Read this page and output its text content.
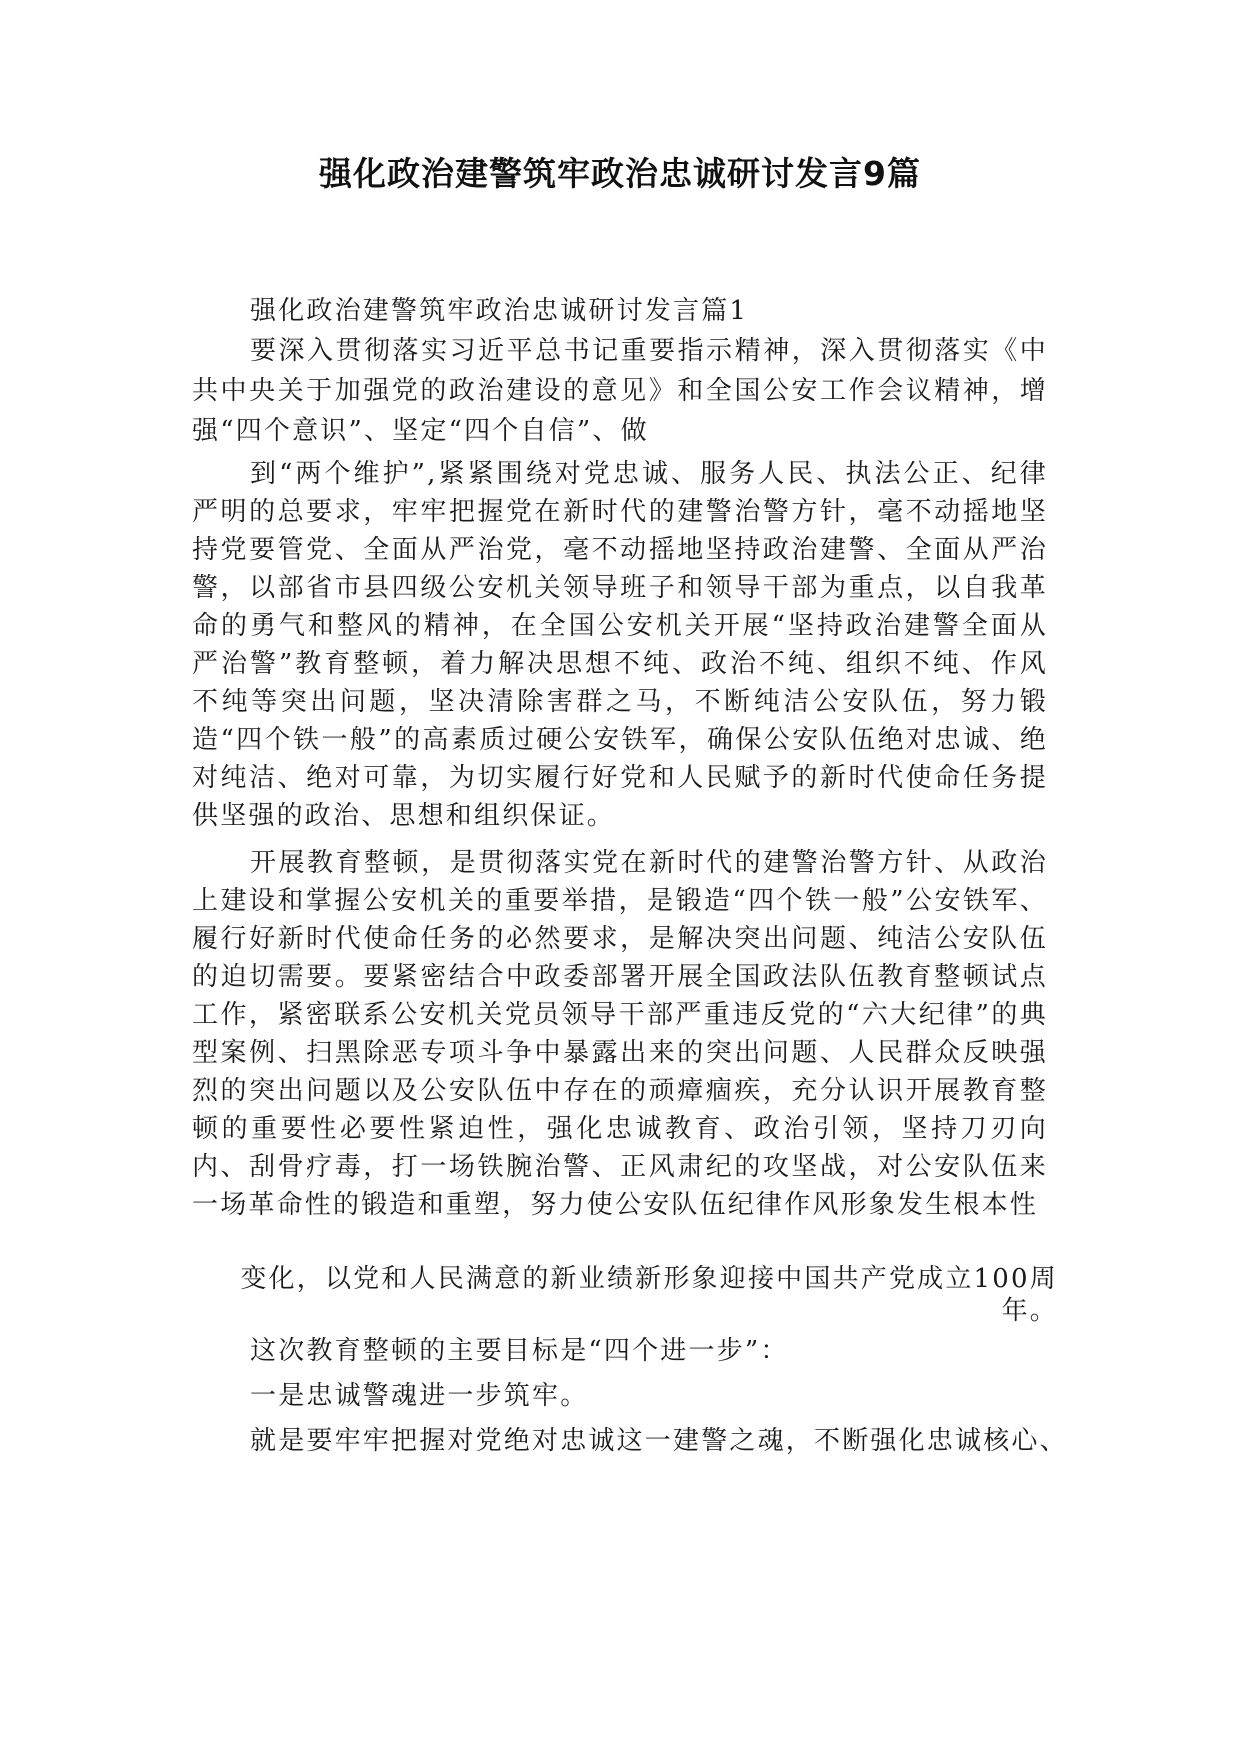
强化政治建警筑牢政治忠诚研讨发言9篇

强化政治建警筑牢政治忠诚研讨发言篇1

要深入贯彻落实习近平总书记重要指示精神，深入贯彻落实《中共中央关于加强党的政治建设的意见》和全国公安工作会议精神，增强“四个意识”、坚定“四个自信”、做

到“两个维护”,紧紧围绕对党忠诚、服务人民、执法公正、纪律严明的总要求，牢牢把握党在新时代的建警治警方针，毫不动摇地坚持党要管党、全面从严治党，毫不动摇地坚持政治建警、全面从严治警，以部省市县四级公安机关领导班子和领导干部为重点，以自我革命的勇气和整风的精神，在全国公安机关开展“坚持政治建警全面从严治警”教育整顿，着力解决思想不纯、政治不纯、组织不纯、作风不纯等突出问题，坚决清除害群之马，不断纯洁公安队伍，努力锻造“四个铁一般”的高素质过硬公安铁军，确保公安队伍绝对忠诚、绝对纯洁、绝对可靠，为切实履行好党和人民赋予的新时代使命任务提供坚强的政治、思想和组织保证。

开展教育整顿，是贯彻落实党在新时代的建警治警方针、从政治上建设和掌握公安机关的重要举措，是锻造“四个铁一般”公安铁军、履行好新时代使命任务的必然要求，是解决突出问题、纯洁公安队伍的迫切需要。要紧密结合中政委部署开展全国政法队伍教育整顿试点工作，紧密联系公安机关党员领导干部严重违反党的“六大纪律”的典型案例、扫黑除恶专项斗争中暴露出来的突出问题、人民群众反映强烈的突出问题以及公安队伍中存在的顽瘴痼疾，充分认识开展教育整顿的重要性必要性紧迫性，强化忠诚教育、政治引领，坚持刀刃向内、刮骨疗毒，打一场铁腕治警、正风肃纪的攻坚战，对公安队伍来一场革命性的锻造和重塑，努力使公安队伍纪律作风形象发生根本性

变化，以党和人民满意的新业绩新形象迎接中国共产党成立100周年。

这次教育整顿的主要目标是“四个进一步”：

一是忠诚警魂进一步筑牢。

就是要牢牢把握对党绝对忠诚这一建警之魂，不断强化忠诚核心、
